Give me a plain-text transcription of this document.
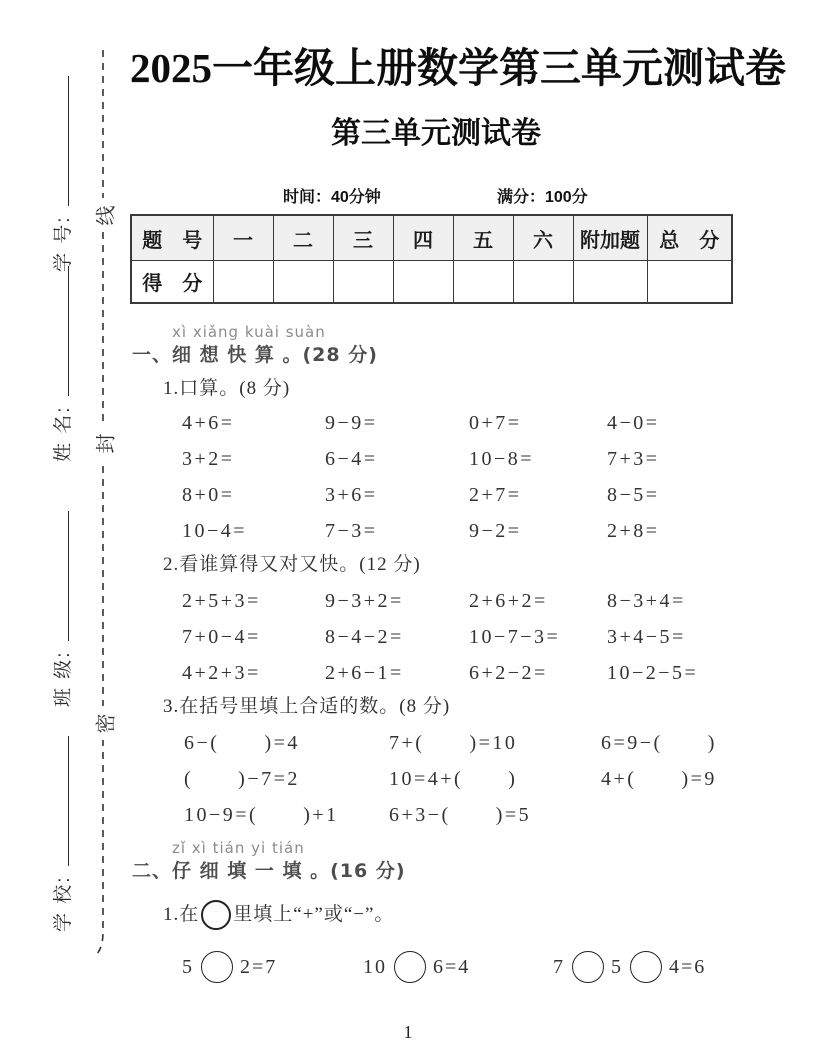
学 号:
姓 名:
班 级:
学 校:
线
封
密
2025一年级上册数学第三单元测试卷
第三单元测试卷
时间：40分钟	满分：100分
题　号	一	二	三	四	五	六	附加题	总　分
得　分								
xì xiǎng kuài suàn
一、细 想 快 算 。(28 分)
1.口算。(8 分)
4+6=	9−9=	0+7=	4−0=
3+2=	6−4=	10−8=	7+3=
8+0=	3+6=	2+7=	8−5=
10−4=	7−3=	9−2=	2+8=
2.看谁算得又对又快。(12 分)
2+5+3=	9−3+2=	2+6+2=	8−3+4=
7+0−4=	8−4−2=	10−7−3=	3+4−5=
4+2+3=	2+6−1=	6+2−2=	10−2−5=
3.在括号里填上合适的数。(8 分)
6−(      )=4	7+(      )=10	6=9−(      )
(      )−7=2	10=4+(      )	4+(      )=9
10−9=(      )+1	6+3−(      )=5
zǐ xì tián yi tián
二、仔 细 填 一 填 。(16 分)
1.在 里填上“+”或“−”。
5 2=7	10 6=4	7 5 4=6
1
